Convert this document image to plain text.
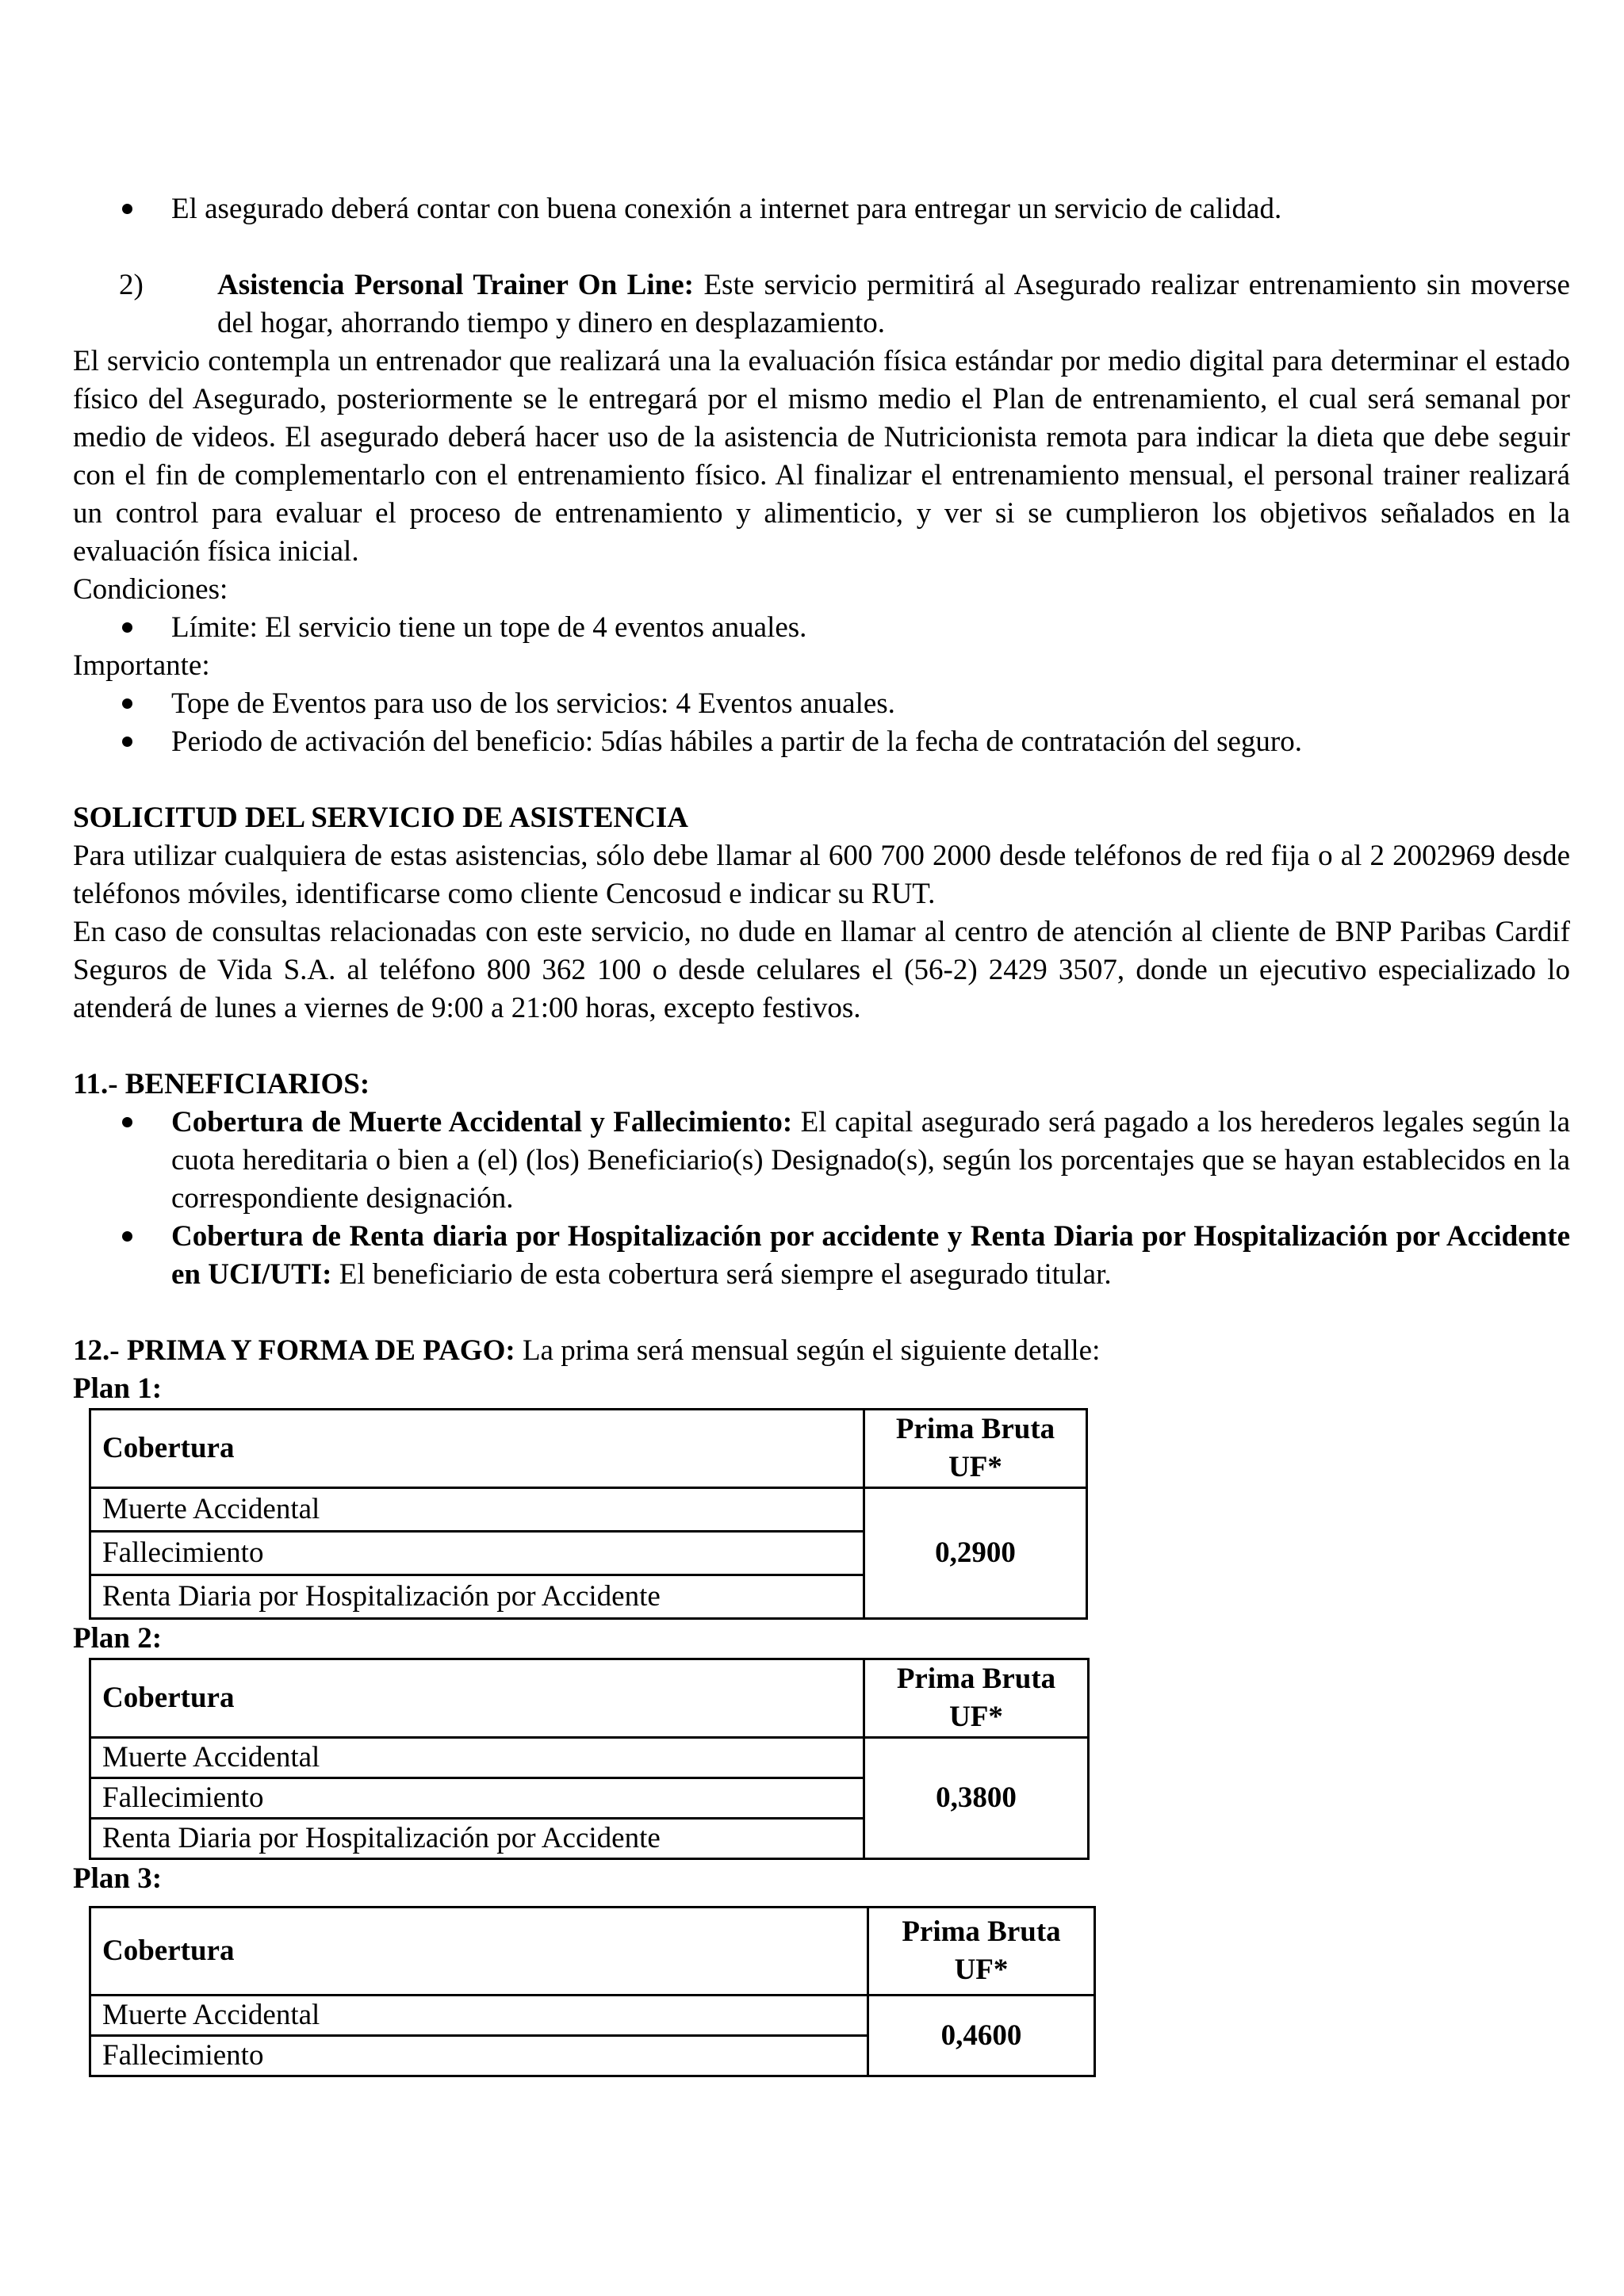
El asegurado deberá contar con buena conexión a internet para entregar un servicio de calidad.
2)	Asistencia Personal Trainer On Line: Este servicio permitirá al Asegurado realizar entrenamiento sin moverse del hogar, ahorrando tiempo y dinero en desplazamiento.
El servicio contempla un entrenador que realizará una la evaluación física estándar por medio digital para determinar el estado físico del Asegurado, posteriormente se le entregará por el mismo medio el Plan de entrenamiento, el cual será semanal por medio de videos. El asegurado deberá hacer uso de la asistencia de Nutricionista remota para indicar la dieta que debe seguir con el fin de complementarlo con el entrenamiento físico. Al finalizar el entrenamiento mensual, el personal trainer realizará un control para evaluar el proceso de entrenamiento y alimenticio, y ver si se cumplieron los objetivos señalados en la evaluación física inicial.
Condiciones:
Límite: El servicio tiene un tope de 4 eventos anuales.
Importante:
Tope de Eventos para uso de los servicios: 4 Eventos anuales.
Periodo de activación del beneficio: 5días hábiles a partir de la fecha de contratación del seguro.
SOLICITUD DEL SERVICIO DE ASISTENCIA
Para utilizar cualquiera de estas asistencias, sólo debe llamar al 600 700 2000 desde teléfonos de red fija o al 2 2002969 desde teléfonos móviles, identificarse como cliente Cencosud e indicar su RUT.
En caso de consultas relacionadas con este servicio, no dude en llamar al centro de atención al cliente de BNP Paribas Cardif Seguros de Vida S.A. al teléfono 800 362 100 o desde celulares el (56-2) 2429 3507, donde un ejecutivo especializado lo atenderá de lunes a viernes de 9:00 a 21:00 horas, excepto festivos.
11.- BENEFICIARIOS:
Cobertura de Muerte Accidental y Fallecimiento: El capital asegurado será pagado a los herederos legales según la cuota hereditaria o bien a (el) (los) Beneficiario(s) Designado(s), según los porcentajes que se hayan establecidos en la correspondiente designación.
Cobertura de Renta diaria por Hospitalización por accidente y Renta Diaria por Hospitalización por Accidente en UCI/UTI: El beneficiario de esta cobertura será siempre el asegurado titular.
12.- PRIMA Y FORMA DE PAGO: La prima será mensual según el siguiente detalle:
Plan 1:
Cobertura	Prima Bruta
UF*

Muerte Accidental	0,2900
Fallecimiento	
Renta Diaria por Hospitalización por Accidente	
Plan 2:
Cobertura	Prima Bruta
UF*

Muerte Accidental	0,3800
Fallecimiento	
Renta Diaria por Hospitalización por Accidente	
Plan 3:
Cobertura	Prima Bruta
UF*

Muerte Accidental	0,4600
Fallecimiento	
